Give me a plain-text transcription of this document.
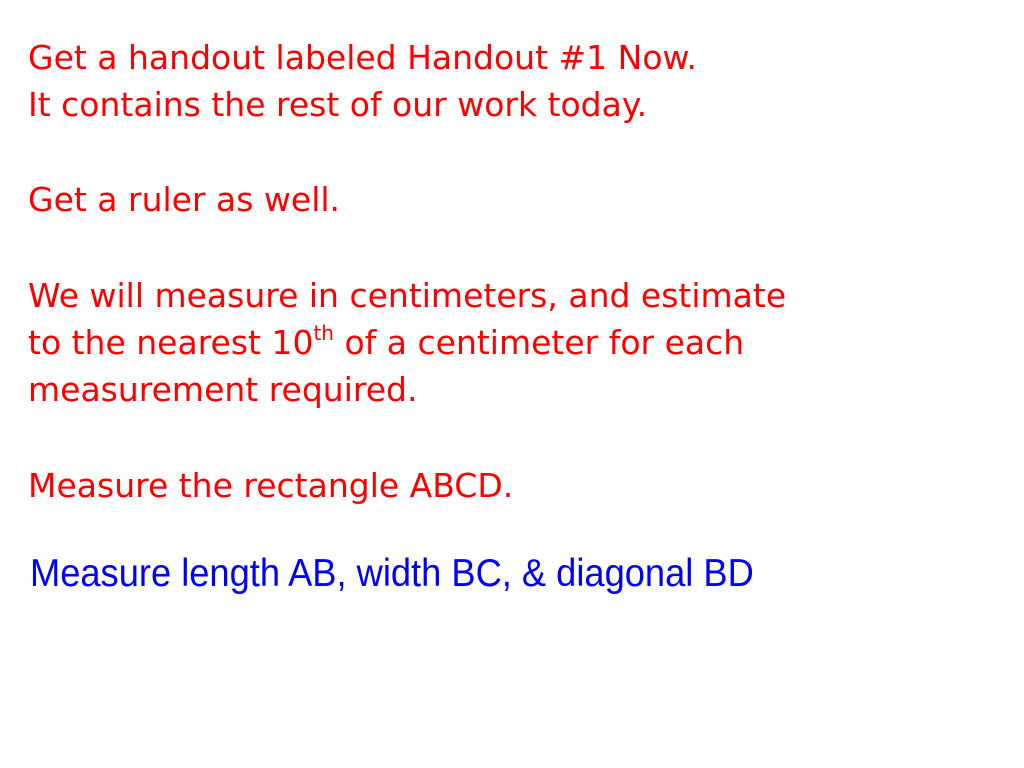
Get a handout labeled Handout #1 Now.
It contains the rest of our work today.
Get a ruler as well.
We will measure in centimeters, and estimate
to the nearest 10th of a centimeter for each
measurement required.
Measure the rectangle ABCD.
Measure length AB, width BC, & diagonal BD
